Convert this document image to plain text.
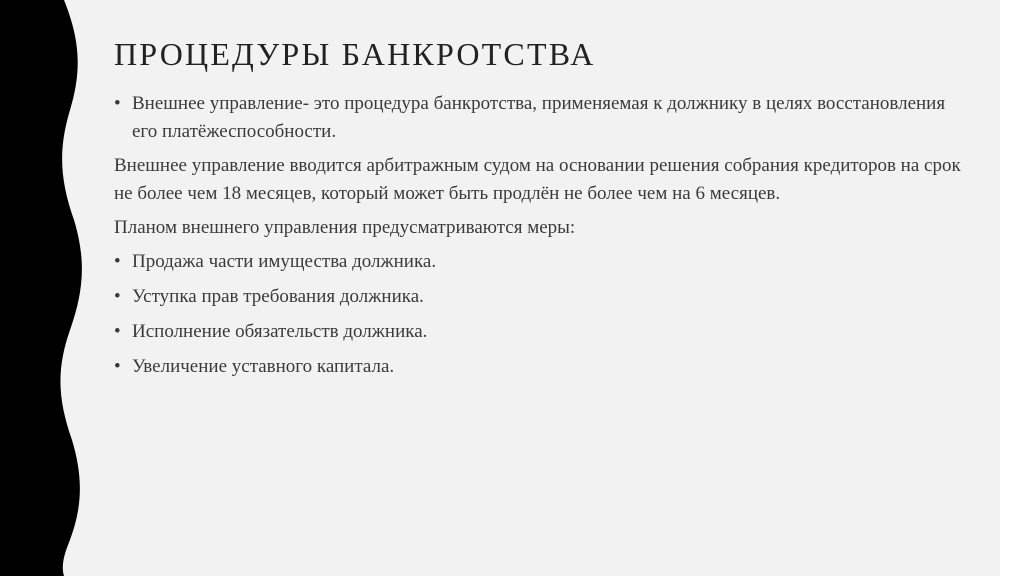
ПРОЦЕДУРЫ БАНКРОТСТВА
• Внешнее управление- это процедура банкротства, применяемая к должнику в целях восстановления его платёжеспособности.
Внешнее управление вводится арбитражным судом на основании решения собрания кредиторов на срок не более чем 18 месяцев, который может быть продлён не более чем на 6 месяцев.
Планом внешнего управления предусматриваются меры:
• Продажа части имущества должника.
• Уступка прав требования должника.
• Исполнение обязательств должника.
• Увеличение уставного капитала.
